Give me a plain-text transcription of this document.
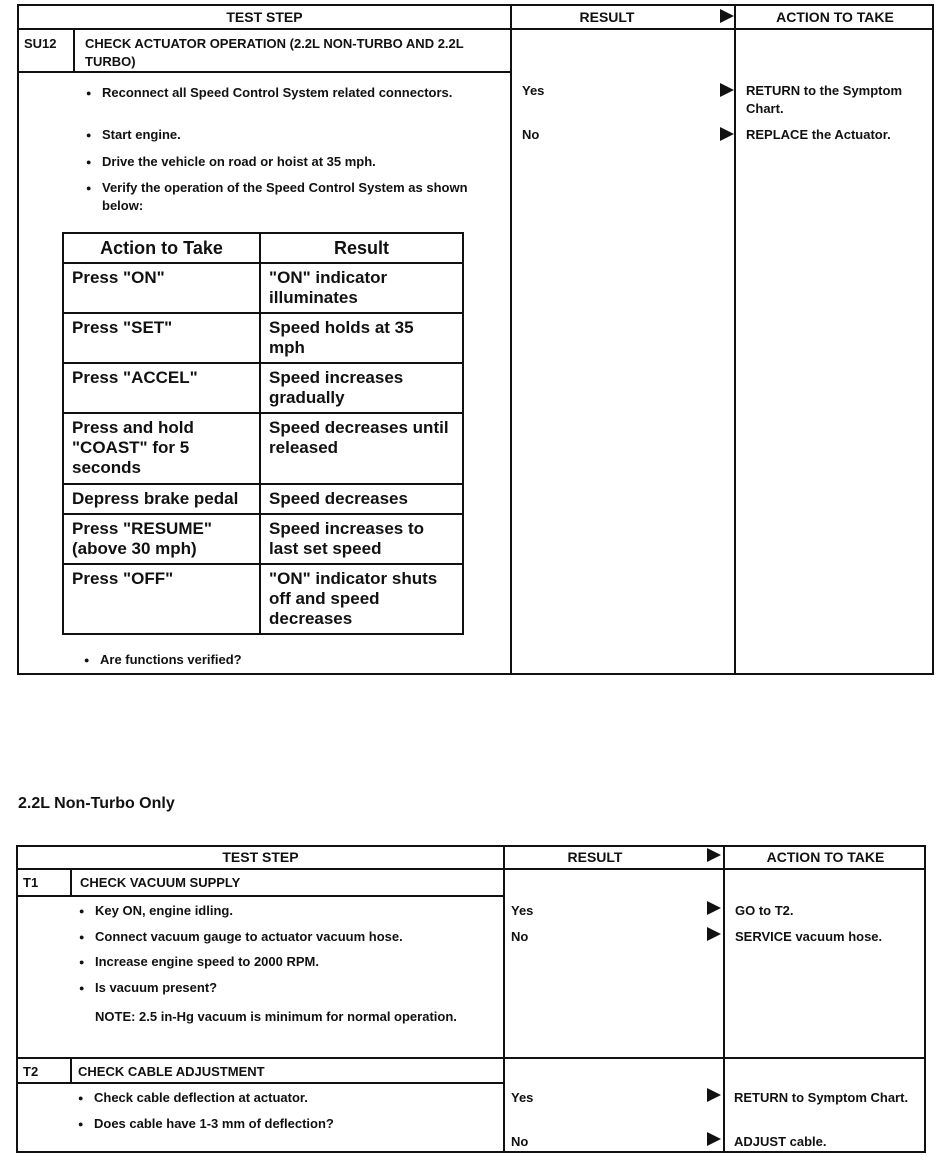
TEST STEP	RESULT	ACTION TO TAKE
SU12 CHECK ACTUATOR OPERATION (2.2L NON-TURBO AND 2.2L TURBO)
● Reconnect all Speed Control System related connectors.
● Start engine.
● Drive the vehicle on road or hoist at 35 mph.
● Verify the operation of the Speed Control System as shown below:
Action to Take	Result
Press "ON"	"ON" indicator illuminates
Press "SET"	Speed holds at 35 mph
Press "ACCEL"	Speed increases gradually
Press and hold "COAST" for 5 seconds	Speed decreases until released
Depress brake pedal	Speed decreases
Press "RESUME" (above 30 mph)	Speed increases to last set speed
Press "OFF"	"ON" indicator shuts off and speed decreases
● Are functions verified?
Yes	RETURN to the Symptom Chart.
No	REPLACE the Actuator.
2.2L Non-Turbo Only
TEST STEP	RESULT	ACTION TO TAKE
T1	CHECK VACUUM SUPPLY
● Key ON, engine idling.
● Connect vacuum gauge to actuator vacuum hose.
● Increase engine speed to 2000 RPM.
NOTE: 2.5 in-Hg vacuum is minimum for normal operation.
● Is vacuum present?
Yes	GO to T2.
No	SERVICE vacuum hose.
T2	CHECK CABLE ADJUSTMENT
● Check cable deflection at actuator.
● Does cable have 1-3 mm of deflection?
Yes	RETURN to Symptom Chart.
No	ADJUST cable.
